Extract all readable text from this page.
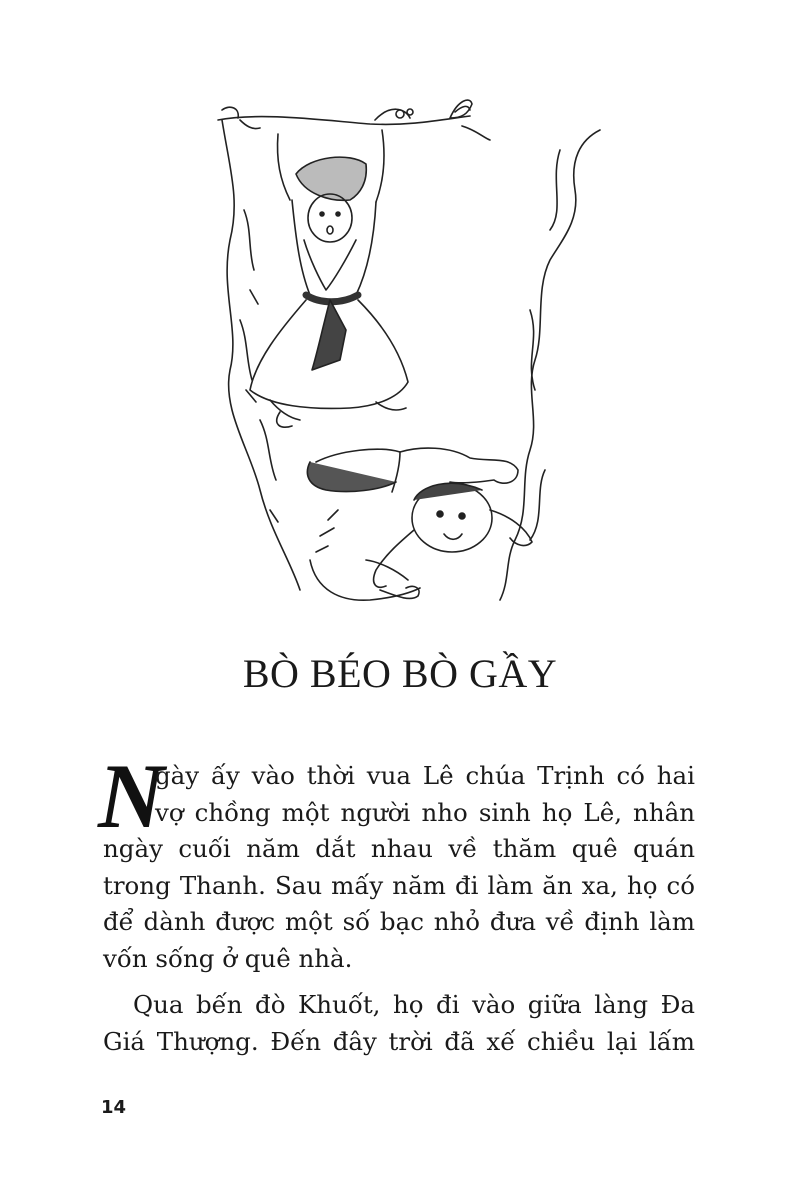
BÒ BÉO BÒ GẦY
N
gày ấy vào thời vua Lê chúa Trịnh có hai
vợ chồng một người nho sinh họ Lê, nhân
ngày cuối năm dắt nhau về thăm quê quán
trong Thanh. Sau mấy năm đi làm ăn xa, họ có
để dành được một số bạc nhỏ đưa về định làm
vốn sống ở quê nhà.
Qua bến đò Khuốt, họ đi vào giữa làng Đa
Giá Thượng. Đến đây trời đã xế chiều lại lấm
14
